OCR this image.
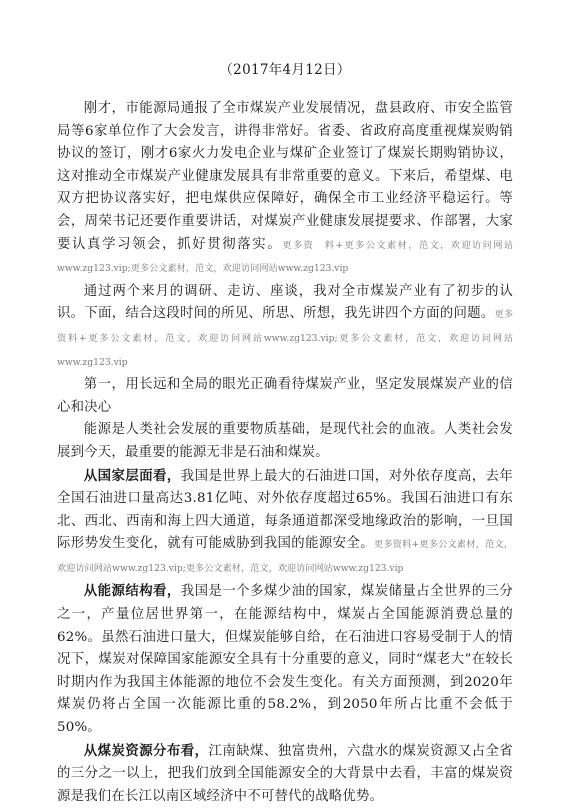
（2017年4月12日）

刚才，市能源局通报了全市煤炭产业发展情况，盘县政府、市安全监管局等6家单位作了大会发言，讲得非常好。省委、省政府高度重视煤炭购销协议的签订，刚才6家火力发电企业与煤矿企业签订了煤炭长期购销协议，这对推动全市煤炭产业健康发展具有非常重要的意义。下来后，希望煤、电双方把协议落实好，把电煤供应保障好，确保全市工业经济平稳运行。等会，周荣书记还要作重要讲话，对煤炭产业健康发展提要求、作部署，大家要认真学习领会，抓好贯彻落实。更多资　料+更多公文素材，范文，欢迎访问网站www.zg123.vip;更多公文素材，范文，欢迎访问网站www.zg123.vip

通过两个来月的调研、走访、座谈，我对全市煤炭产业有了初步的认识。下面，结合这段时间的所见、所思、所想，我先讲四个方面的问题。更多资料+更多公文素材，范文，欢迎访问网站www.zg123.vip;更多公文素材，范文，欢迎访问网站www.zg123.vip

第一，用长远和全局的眼光正确看待煤炭产业，坚定发展煤炭产业的信心和决心

能源是人类社会发展的重要物质基础，是现代社会的血液。人类社会发展到今天，最重要的能源无非是石油和煤炭。

从国家层面看，我国是世界上最大的石油进口国，对外依存度高，去年全国石油进口量高达3.81亿吨、对外依存度超过65%。我国石油进口有东北、西北、西南和海上四大通道，每条通道都深受地缘政治的影响，一旦国际形势发生变化，就有可能威胁到我国的能源安全。更多资料+更多公文素材，范文，欢迎访问网站www.zg123.vip;更多公文素材，范文，欢迎访问网站www.zg123.vip

从能源结构看，我国是一个多煤少油的国家，煤炭储量占全世界的三分之一，产量位居世界第一，在能源结构中，煤炭占全国能源消费总量的62%。虽然石油进口量大，但煤炭能够自给，在石油进口容易受制于人的情况下，煤炭对保障国家能源安全具有十分重要的意义，同时“煤老大”在较长时期内作为我国主体能源的地位不会发生变化。有关方面预测，到2020年煤炭仍将占全国一次能源比重的58.2%，到2050年所占比重不会低于50%。

从煤炭资源分布看，江南缺煤、独富贵州，六盘水的煤炭资源又占全省的三分之一以上，把我们放到全国能源安全的大背景中去看，丰富的煤炭资源是我们在长江以南区域经济中不可替代的战略优势。
